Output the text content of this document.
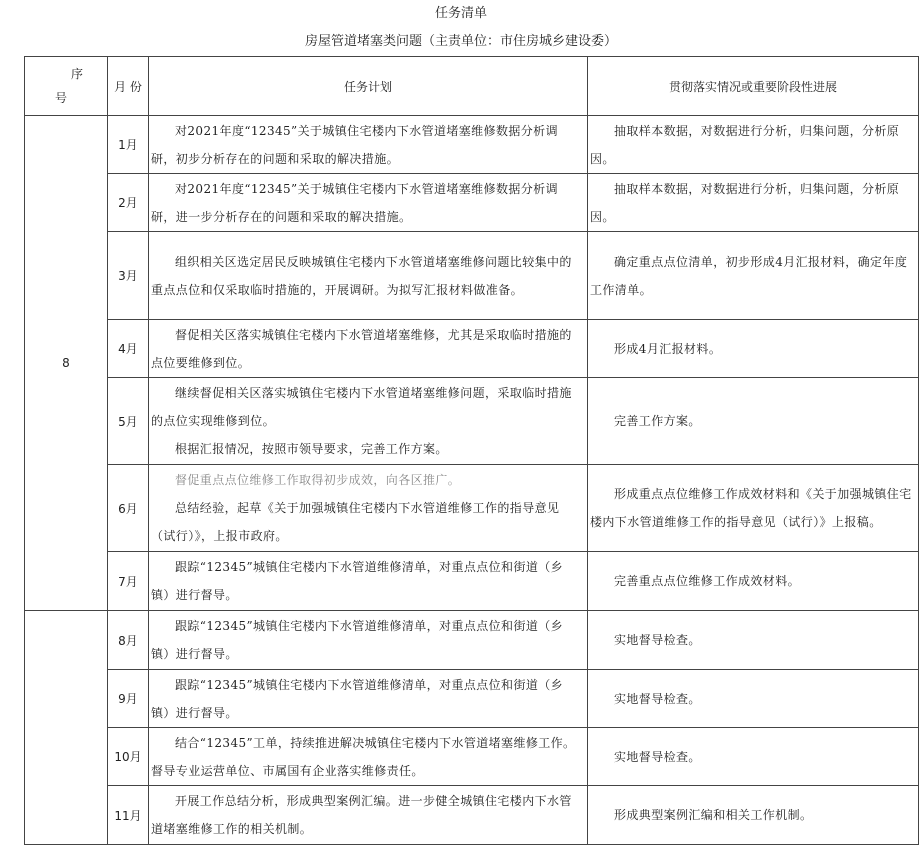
任务清单
房屋管道堵塞类问题（主责单位：市住房城乡建设委）
序
号	月 份	任务计划	贯彻落实情况或重要阶段性进展
8	1月	对2021年度“12345”关于城镇住宅楼内下水管道堵塞维修数据分析调研，初步分析存在的问题和采取的解决措施。	抽取样本数据，对数据进行分析，归集问题，分析原因。

	2月	对2021年度“12345”关于城镇住宅楼内下水管道堵塞维修数据分析调研，进一步分析存在的问题和采取的解决措施。	抽取样本数据，对数据进行分析，归集问题，分析原因。

	3月	组织相关区选定居民反映城镇住宅楼内下水管道堵塞维修问题比较集中的重点点位和仅采取临时措施的，开展调研。为拟写汇报材料做准备。	确定重点点位清单，初步形成4月汇报材料，确定年度工作清单。

	4月	督促相关区落实城镇住宅楼内下水管道堵塞维修，尤其是采取临时措施的点位要维修到位。	形成4月汇报材料。

	5月	继续督促相关区落实城镇住宅楼内下水管道堵塞维修问题，采取临时措施的点位实现维修到位。
根据汇报情况，按照市领导要求，完善工作方案。	完善工作方案。

	6月	督促重点点位维修工作取得初步成效，向各区推广。
总结经验，起草《关于加强城镇住宅楼内下水管道维修工作的指导意见（试行）》，上报市政府。	形成重点点位维修工作成效材料和《关于加强城镇住宅楼内下水管道维修工作的指导意见（试行）》上报稿。

	7月	跟踪“12345”城镇住宅楼内下水管道维修清单，对重点点位和街道（乡镇）进行督导。	完善重点点位维修工作成效材料。

	8月	跟踪“12345”城镇住宅楼内下水管道维修清单，对重点点位和街道（乡镇）进行督导。	实地督导检查。

	9月	跟踪“12345”城镇住宅楼内下水管道维修清单，对重点点位和街道（乡镇）进行督导。	实地督导检查。

	10月	结合“12345”工单，持续推进解决城镇住宅楼内下水管道堵塞维修工作。督导专业运营单位、市属国有企业落实维修责任。	实地督导检查。

	11月	开展工作总结分析，形成典型案例汇编。进一步健全城镇住宅楼内下水管道堵塞维修工作的相关机制。	形成典型案例汇编和相关工作机制。
